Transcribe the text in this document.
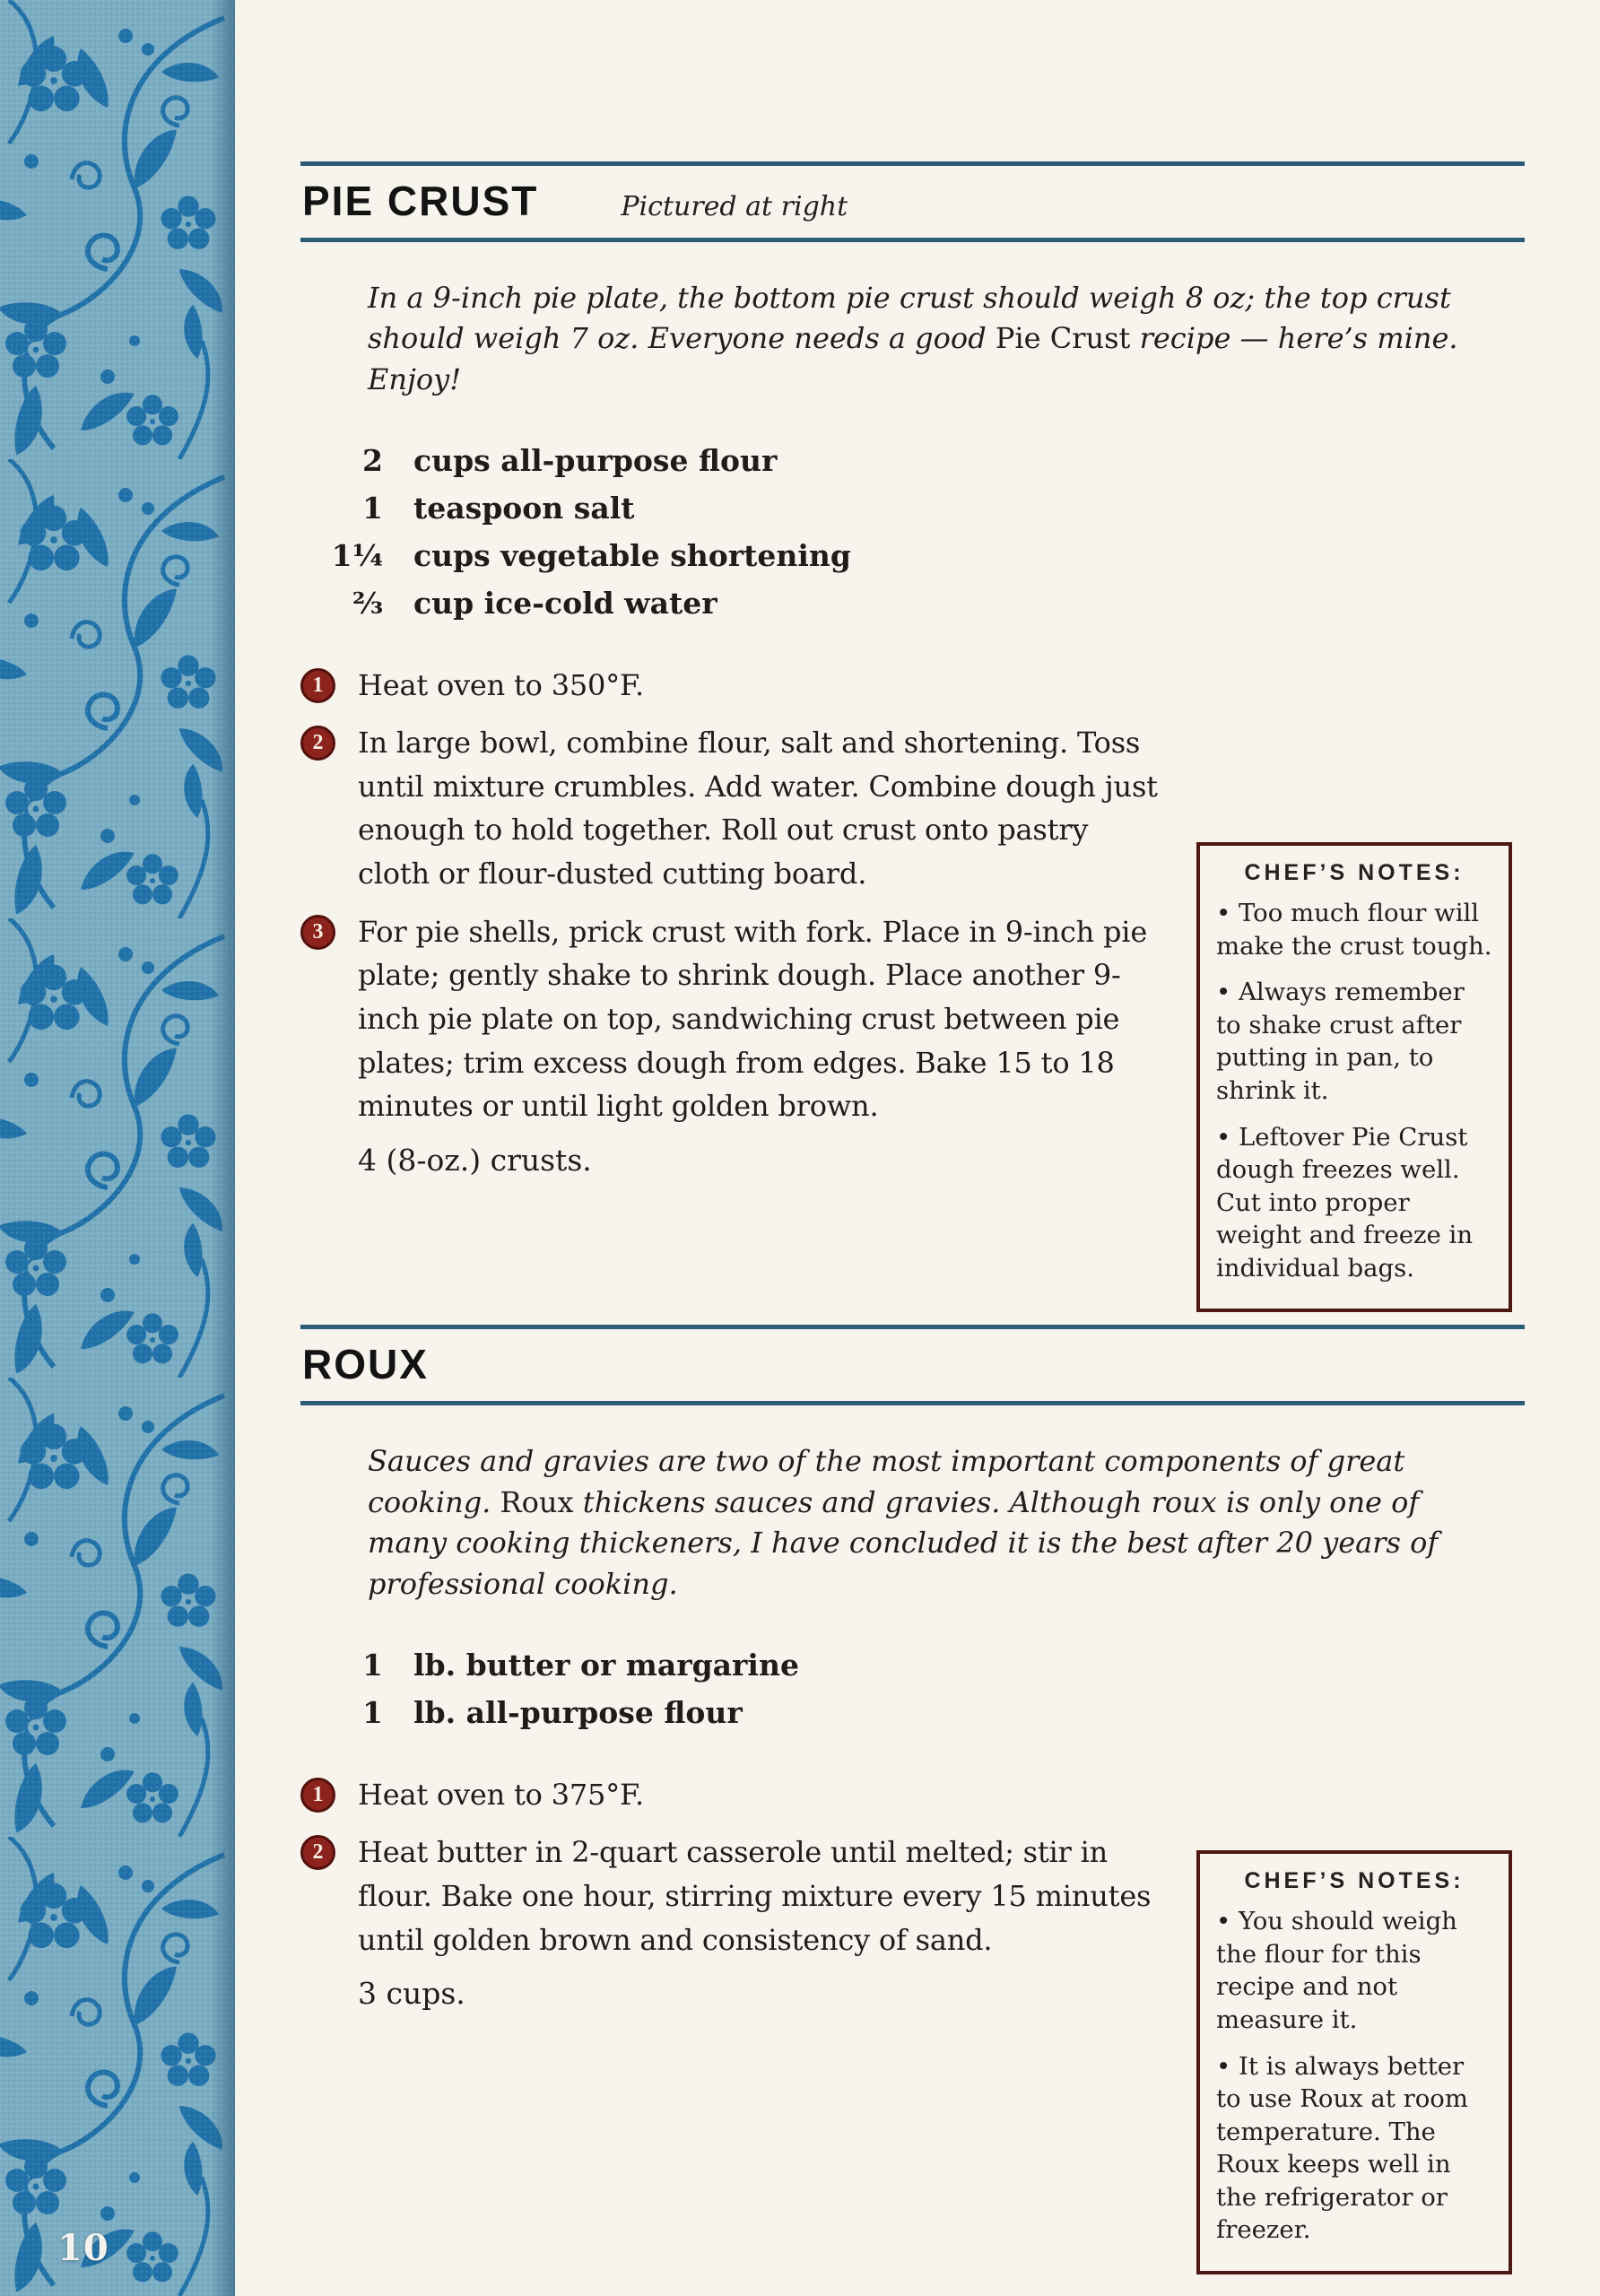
10
PIE CRUST	Pictured at right

In a 9-inch pie plate, the bottom pie crust should weigh 8 oz; the top crust should weigh 7 oz. Everyone needs a good Pie Crust recipe — here’s mine. Enjoy!

2 cups all-purpose flour
1 teaspoon salt
1¼ cups vegetable shortening
⅔ cup ice-cold water
1	Heat oven to 350°F.
CHEF’S NOTES:
• Too much flour will make the crust tough.
• Always remember to shake crust after putting in pan, to shrink it.
• Leftover Pie Crust dough freezes well. Cut into proper weight and freeze in individual bags.
2	In large bowl, combine flour, salt and shortening. Toss until mixture crumbles. Add water. Combine dough just enough to hold together. Roll out crust onto pastry cloth or flour-dusted cutting board.
3	For pie shells, prick crust with fork. Place in 9-inch pie plate; gently shake to shrink dough. Place another 9-inch pie plate on top, sandwiching crust between pie plates; trim excess dough from edges. Bake 15 to 18 minutes or until light golden brown.

4 (8-oz.) crusts.

ROUX

Sauces and gravies are two of the most important components of great cooking. Roux thickens sauces and gravies. Although roux is only one of many cooking thickeners, I have concluded it is the best after 20 years of professional cooking.

1 lb. butter or margarine
1 lb. all-purpose flour
1	Heat oven to 375°F.
CHEF’S NOTES:
• You should weigh the flour for this recipe and not measure it.
• It is always better to use Roux at room temperature. The Roux keeps well in the refrigerator or freezer.
2	Heat butter in 2-quart casserole until melted; stir in flour. Bake one hour, stirring mixture every 15 minutes until golden brown and consistency of sand.

3 cups.
